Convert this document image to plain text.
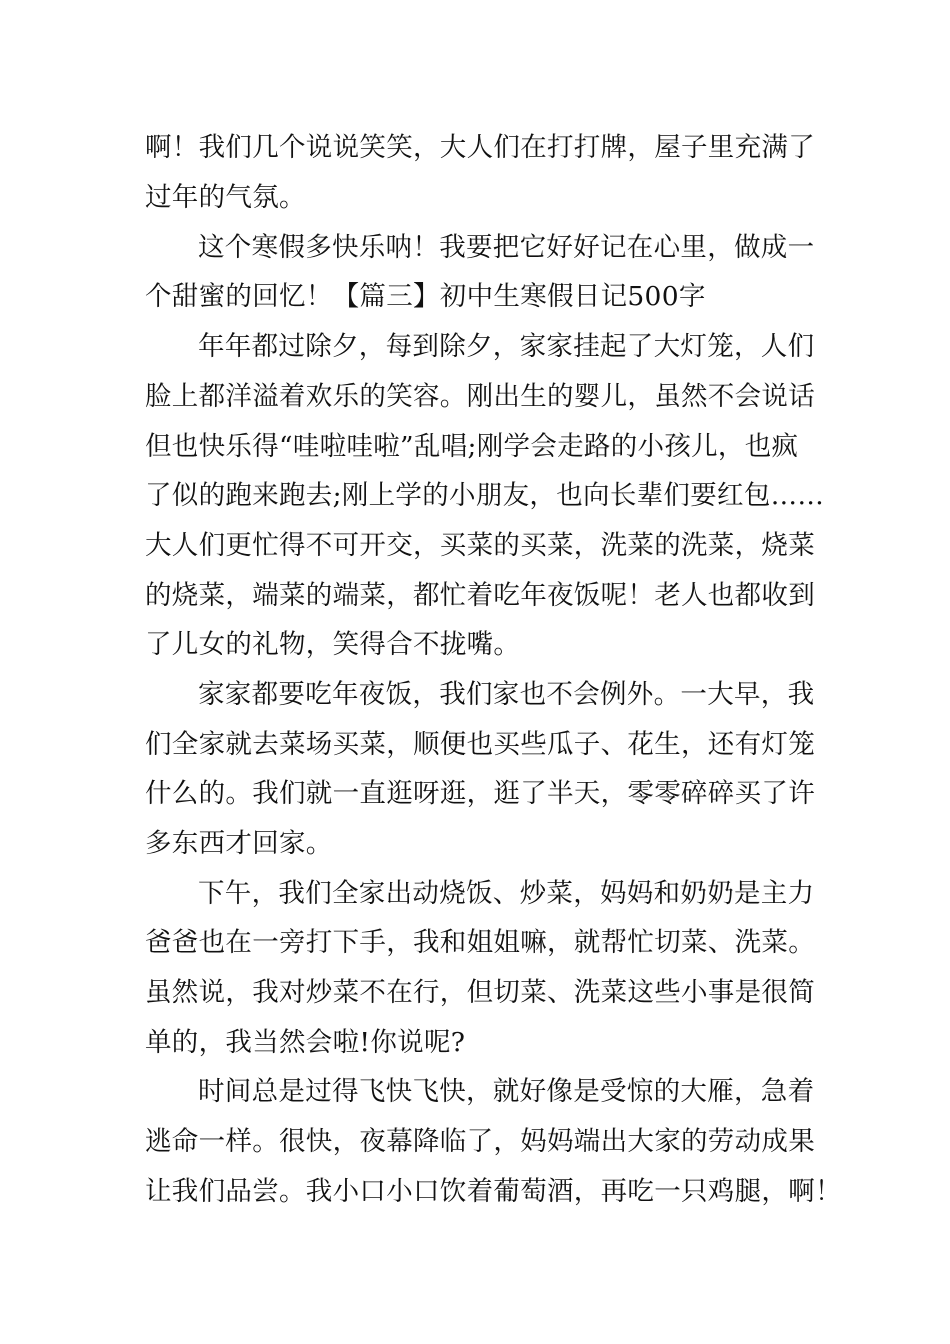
啊！我们几个说说笑笑，大人们在打打牌，屋子里充满了
过年的气氛。
这个寒假多快乐呐！我要把它好好记在心里，做成一
个甜蜜的回忆！【篇三】初中生寒假日记500字
年年都过除夕，每到除夕，家家挂起了大灯笼，人们
脸上都洋溢着欢乐的笑容。刚出生的婴儿，虽然不会说话
但也快乐得“哇啦哇啦”乱唱;刚学会走路的小孩儿，也疯
了似的跑来跑去;刚上学的小朋友，也向长辈们要红包……
大人们更忙得不可开交，买菜的买菜，洗菜的洗菜，烧菜
的烧菜，端菜的端菜，都忙着吃年夜饭呢！老人也都收到
了儿女的礼物，笑得合不拢嘴。
家家都要吃年夜饭，我们家也不会例外。一大早，我
们全家就去菜场买菜，顺便也买些瓜子、花生，还有灯笼
什么的。我们就一直逛呀逛，逛了半天，零零碎碎买了许
多东西才回家。
下午，我们全家出动烧饭、炒菜，妈妈和奶奶是主力
爸爸也在一旁打下手，我和姐姐嘛，就帮忙切菜、洗菜。
虽然说，我对炒菜不在行，但切菜、洗菜这些小事是很简
单的，我当然会啦!你说呢?
时间总是过得飞快飞快，就好像是受惊的大雁，急着
逃命一样。很快，夜幕降临了，妈妈端出大家的劳动成果
让我们品尝。我小口小口饮着葡萄酒，再吃一只鸡腿，啊！
